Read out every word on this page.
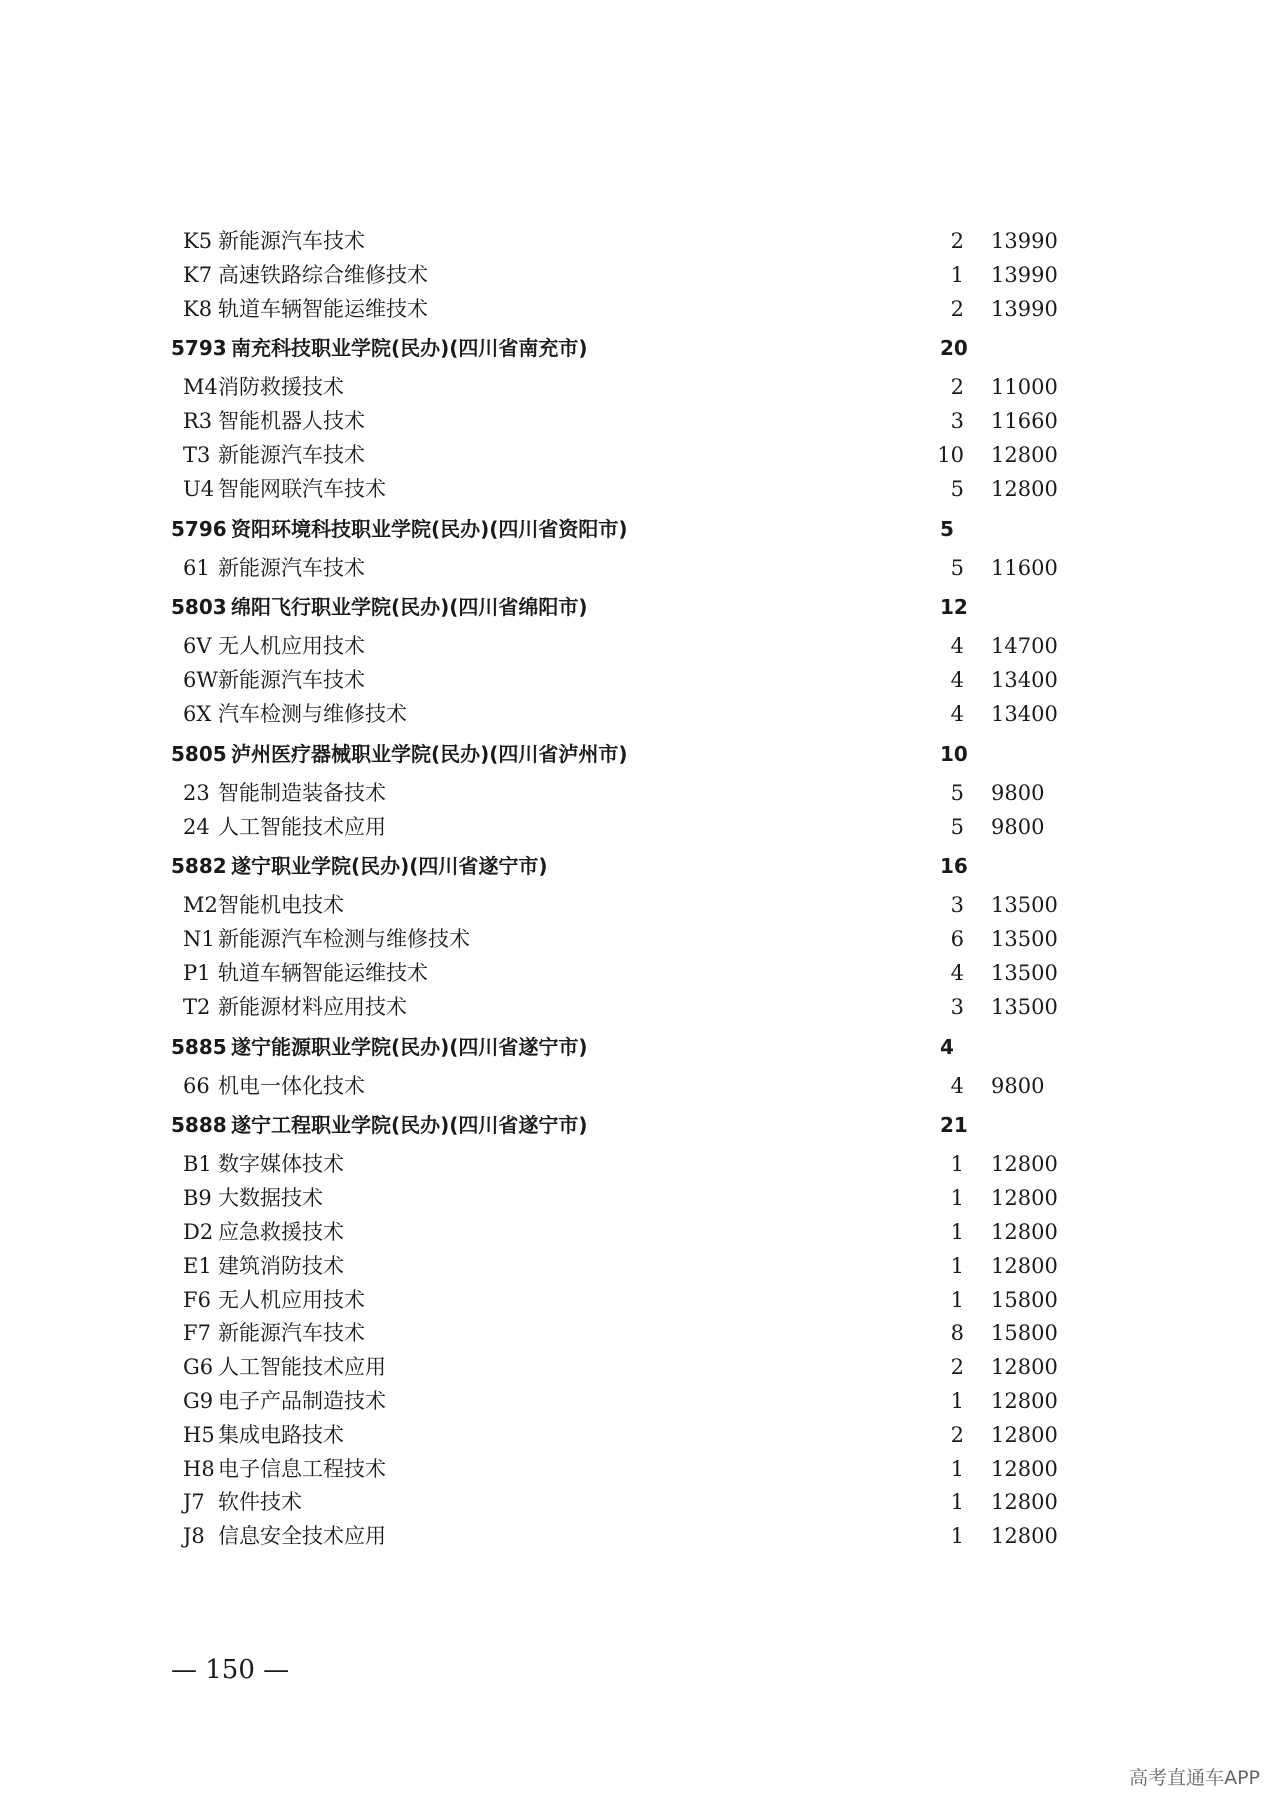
K5 新能源汽车技术	2 13990
K7 高速铁路综合维修技术	1 13990
K8 轨道车辆智能运维技术	2 13990
5793 南充科技职业学院(民办)(四川省南充市)	20
M4 消防救援技术	2 11000
R3 智能机器人技术	3 11660
T3 新能源汽车技术	10 12800
U4 智能网联汽车技术	5 12800
5796 资阳环境科技职业学院(民办)(四川省资阳市)	5
61 新能源汽车技术	5 11600
5803 绵阳飞行职业学院(民办)(四川省绵阳市)	12
6V 无人机应用技术	4 14700
6W 新能源汽车技术	4 13400
6X 汽车检测与维修技术	4 13400
5805 泸州医疗器械职业学院(民办)(四川省泸州市)	10
23 智能制造装备技术	5 9800
24 人工智能技术应用	5 9800
5882 遂宁职业学院(民办)(四川省遂宁市)	16
M2 智能机电技术	3 13500
N1 新能源汽车检测与维修技术	6 13500
P1 轨道车辆智能运维技术	4 13500
T2 新能源材料应用技术	3 13500
5885 遂宁能源职业学院(民办)(四川省遂宁市)	4
66 机电一体化技术	4 9800
5888 遂宁工程职业学院(民办)(四川省遂宁市)	21
B1 数字媒体技术	1 12800
B9 大数据技术	1 12800
D2 应急救援技术	1 12800
E1 建筑消防技术	1 12800
F6 无人机应用技术	1 15800
F7 新能源汽车技术	8 15800
G6 人工智能技术应用	2 12800
G9 电子产品制造技术	1 12800
H5 集成电路技术	2 12800
H8 电子信息工程技术	1 12800
J7 软件技术	1 12800
J8 信息安全技术应用	1 12800
— 150 —
高考直通车APP
